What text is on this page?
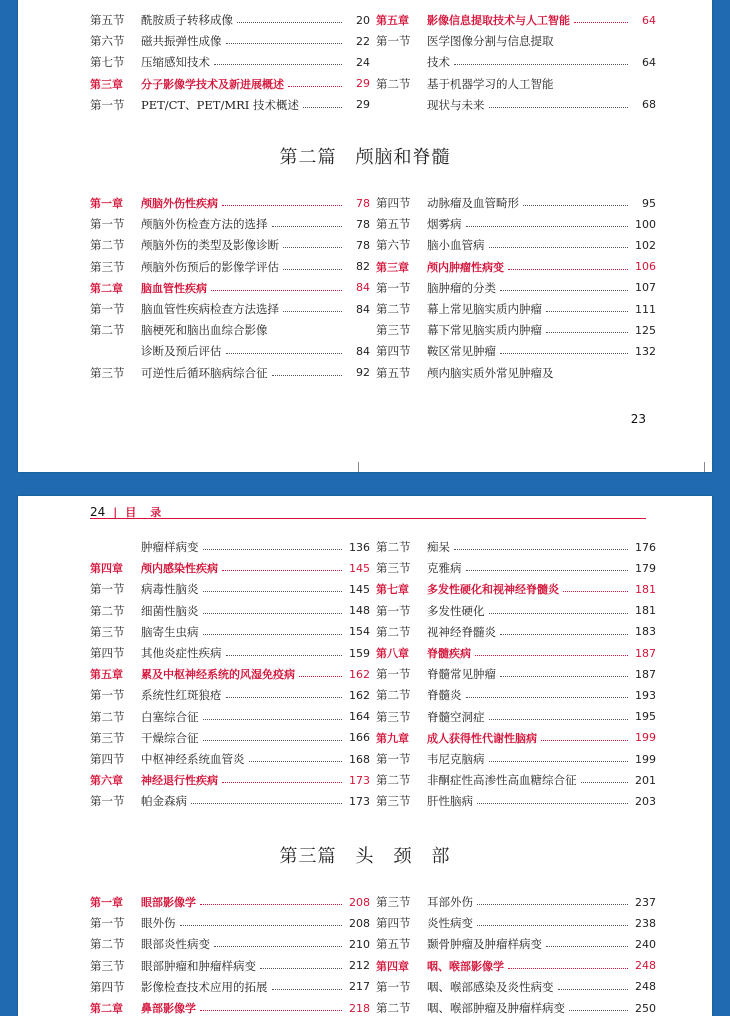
第五节	酰胺质子转移成像	20
第六节	磁共振弹性成像	22
第七节	压缩感知技术	24
第三章	分子影像学技术及新进展概述	29
第一节	PET/CT、PET/MRI 技术概述	29
第五章	影像信息提取技术与人工智能	64
第一节	医学图像分割与信息提取
技术	64
第二节	基于机器学习的人工智能
现状与未来	68
第二篇　颅脑和脊髓
第一章	颅脑外伤性疾病	78
第一节	颅脑外伤检查方法的选择	78
第二节	颅脑外伤的类型及影像诊断	78
第三节	颅脑外伤预后的影像学评估	82
第二章	脑血管性疾病	84
第一节	脑血管性疾病检查方法选择	84
第二节	脑梗死和脑出血综合影像
诊断及预后评估	84
第三节	可逆性后循环脑病综合征	92
第四节	动脉瘤及血管畸形	95
第五节	烟雾病	100
第六节	脑小血管病	102
第三章	颅内肿瘤性病变	106
第一节	脑肿瘤的分类	107
第二节	幕上常见脑实质内肿瘤	111
第三节	幕下常见脑实质内肿瘤	125
第四节	鞍区常见肿瘤	132
第五节	颅内脑实质外常见肿瘤及
23
24 | 目录
肿瘤样病变	136
第四章	颅内感染性疾病	145
第一节	病毒性脑炎	145
第二节	细菌性脑炎	148
第三节	脑寄生虫病	154
第四节	其他炎症性疾病	159
第五章	累及中枢神经系统的风湿免疫病	162
第一节	系统性红斑狼疮	162
第二节	白塞综合征	164
第三节	干燥综合征	166
第四节	中枢神经系统血管炎	168
第六章	神经退行性疾病	173
第一节	帕金森病	173
第二节	痴呆	176
第三节	克雅病	179
第七章	多发性硬化和视神经脊髓炎	181
第一节	多发性硬化	181
第二节	视神经脊髓炎	183
第八章	脊髓疾病	187
第一节	脊髓常见肿瘤	187
第二节	脊髓炎	193
第三节	脊髓空洞症	195
第九章	成人获得性代谢性脑病	199
第一节	韦尼克脑病	199
第二节	非酮症性高渗性高血糖综合征	201
第三节	肝性脑病	203
第三篇　头　颈　部
第一章	眼部影像学	208
第一节	眼外伤	208
第二节	眼部炎性病变	210
第三节	眼部肿瘤和肿瘤样病变	212
第四节	影像检查技术应用的拓展	217
第二章	鼻部影像学	218
第三节	耳部外伤	237
第四节	炎性病变	238
第五节	颞骨肿瘤及肿瘤样病变	240
第四章	咽、喉部影像学	248
第一节	咽、喉部感染及炎性病变	248
第二节	咽、喉部肿瘤及肿瘤样病变	250
